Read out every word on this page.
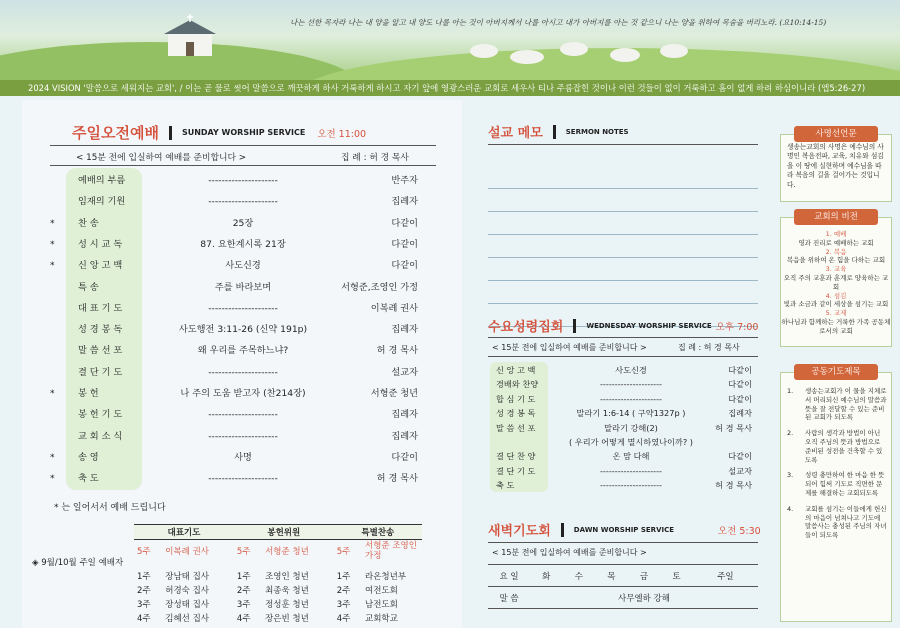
나는 선한 목자라 나는 내 양을 알고 내 양도 나를 아는 것이 아버지께서 나를 아시고 내가 아버지를 아는 것 같으니 나는 양을 위하여 목숨을 버리노라. (요10:14-15)
2024 VISION '말씀으로 세워지는 교회', / 이는 곧 물로 씻어 말씀으로 깨끗하게 하사 거룩하게 하시고 자기 앞에 영광스러운 교회로 세우사 티나 주름잡힌 것이나 이런 것들이 없이 거룩하고 흠이 없게 하려 하심이니라 (엡5:26-27)
주일오전예배	SUNDAY WORSHIP SERVICE 오전 11:00
< 15분 전에 입실하여 예배를 준비합니다 >	집 례 : 허 경 목사
예배의 부름	---------------------	반주자
임재의 기원	---------------------	집례자
*	찬 송	25장	다같이
*	성 시 교 독	87. 요한계시록 21장	다같이
*	신 앙 고 백	사도신경	다같이
특 송	주를 바라보며	서형준,조영인 가정
대 표 기 도	---------------------	이복례 권사
성 경 봉 독	사도행전 3:11-26 (신약 191p)	집례자
말 씀 선 포	왜 우리를 주목하느냐?	허 경 목사
결 단 기 도	---------------------	설교자
*	봉 헌	나 주의 도움 받고자 (찬214장)	서형준 청년
봉 헌 기 도	---------------------	집례자
교 회 소 식	---------------------	집례자
*	송 영	사명	다같이
*	축 도	---------------------	허 경 목사
* 는 일어서서 예배 드립니다
◈ 9월/10월 주일 예배자
대표기도		봉헌위원		특별찬송	
5주	이복례 권사	5주	서형준 청년	5주	서형준 조영인 가정
1주	장남태 집사	1주	조영인 청년	1주	라온청년부
2주	허경숙 집사	2주	최종욱 청년	2주	여전도회
3주	장성태 집사	3주	정성훈 청년	3주	남전도회
4주	김혜선 집사	4주	장은빈 청년	4주	교회학교
설교 메모	SERMON NOTES
수요성령집회	WEDNESDAY WORSHIP SERVICE 오후 7:00
< 15분 전에 입실하여 예배를 준비합니다 >	집 례 : 허 경 목사
신 앙 고 백	사도신경	다같이
경배와 찬양	---------------------	다같이
합 심 기 도	---------------------	다같이
성 경 봉 독	말라기 1:6-14 ( 구약1327p )	집례자
말 씀 선 포	말라기 강해(2)	허 경 목사
( 우리가 어떻게 멸시하였나이까? )
결 단 찬 양	온 맘 다해	다같이
결 단 기 도	---------------------	설교자
축 도	---------------------	허 경 목사
새벽기도회	DAWN WORSHIP SERVICE	오전 5:30
< 15분 전에 입실하여 예배를 준비합니다 >
요 일	화	수	목	금	토	주일
말 씀	사무엘하 강해					
사명선언문

생송는교회의 사명은 예수님의 사명인 복음전파, 교육, 치유와 섬김을 이 땅에 실현하며 예수님을 따라 복음의 길을 걸어가는 것입니다.

교회의 비전
1. 예배
영과 진리로 예배하는 교회
2. 복음
복음을 위하여 온 힘을 다하는 교회
3. 교육
오직 주의 교훈과 훈계로 양육하는 교회
4. 섬김
빛과 소금과 같이 세상을 섬기는 교회
5. 교제
하나님과 함께하는 거룩한 가족 공동체로서의 교회
공동기도제목
1.	생송는교회가 이 물을 지체로서 머리되신 예수님의 말씀과 뜻을 잘 전달할 수 있는 준비된 교회가 되도록
2.	사람의 생각과 방법이 아닌 오직 주님의 뜻과 방법으로 준비된 성전을 건축할 수 있도록
3.	성령 충만하여 한 마음 한 뜻 되어 힘써 기도로 직면한 문제를 해결하는 교회되도록
4.	교회를 섬기는 이들에게 헌신의 마음이 넘쳐나고 기도에 말씀사는 충성된 주님의 자녀들이 되도록
